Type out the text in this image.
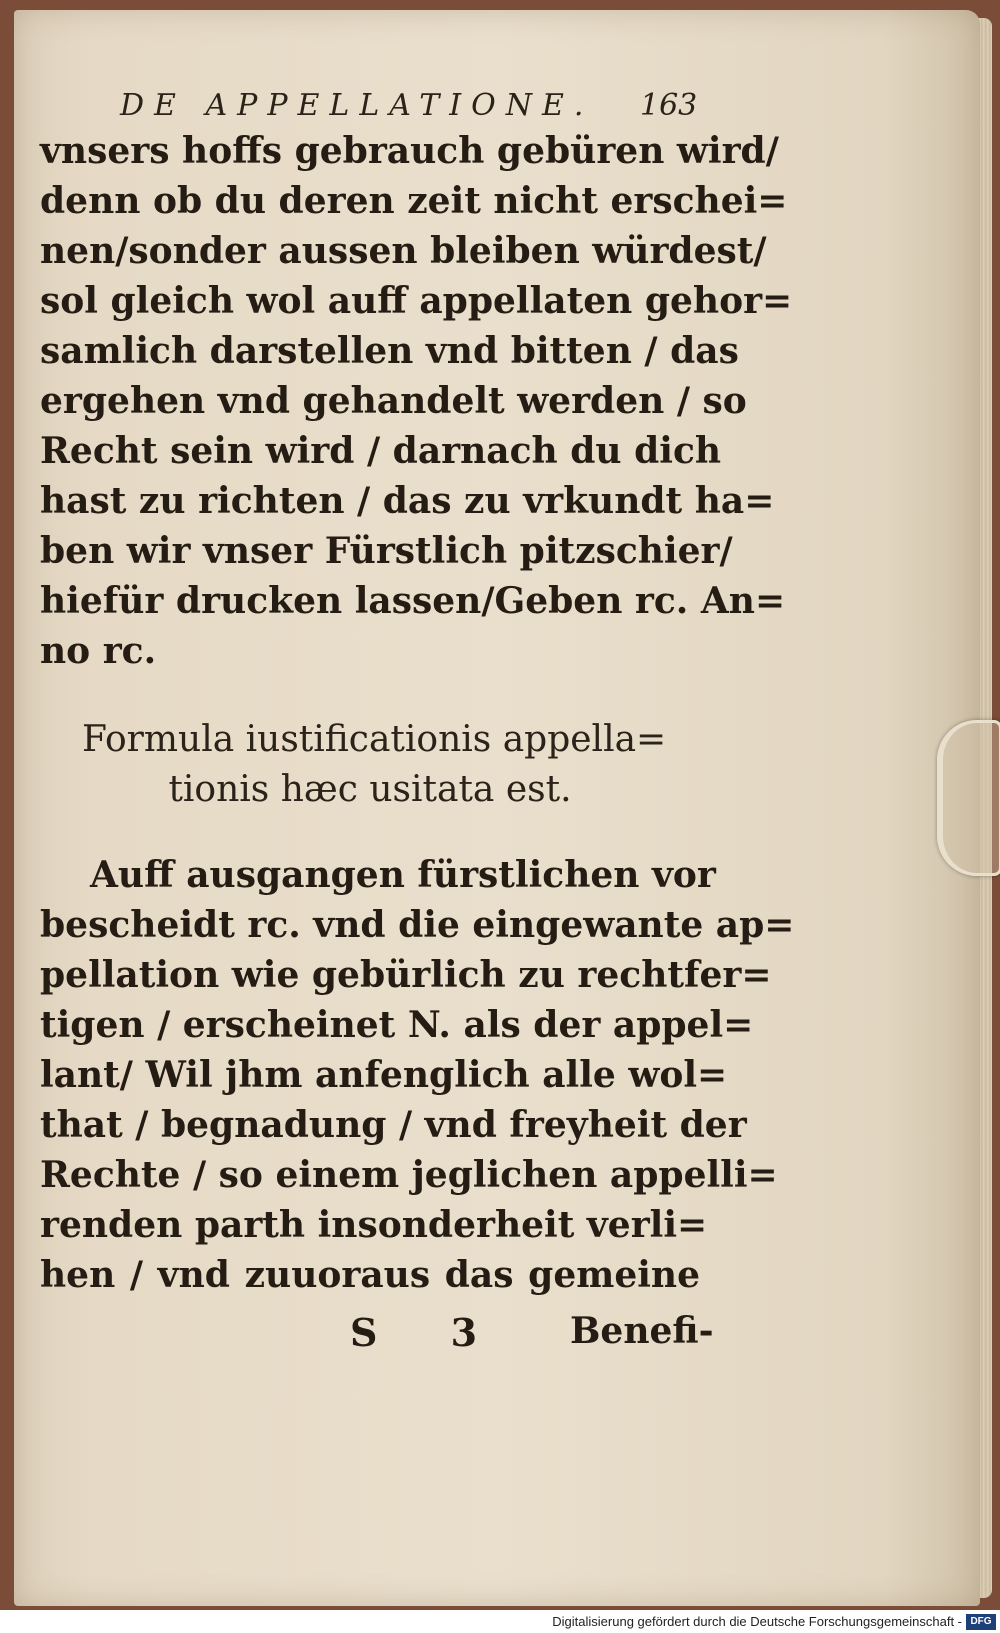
DE APPELLATIONE.	163
vnsers hoffs gebrauch gebüren wird/
denn ob du deren zeit nicht erschei=
nen/sonder aussen bleiben würdest/
sol gleich wol auff appellaten gehor=
samlich darstellen vnd bitten / das
ergehen vnd gehandelt werden / so
Recht sein wird / darnach du dich
hast zu richten / das zu vrkundt ha=
ben wir vnser Fürstlich pitzschier/
hiefür drucken lassen/Geben rc. An=
no rc.
Formula iustificationis appella=
tionis hæc usitata est.
Auff ausgangen fürstlichen vor
bescheidt rc. vnd die eingewante ap=
pellation wie gebürlich zu rechtfer=
tigen / erscheinet N. als der appel=
lant/ Wil jhm anfenglich alle wol=
that / begnadung / vnd freyheit der
Rechte / so einem jeglichen appelli=
renden parth insonderheit verli=
hen / vnd zuuoraus das gemeine
S 3 Benefi-
Digitalisierung gefördert durch die Deutsche Forschungsgemeinschaft - DFG
